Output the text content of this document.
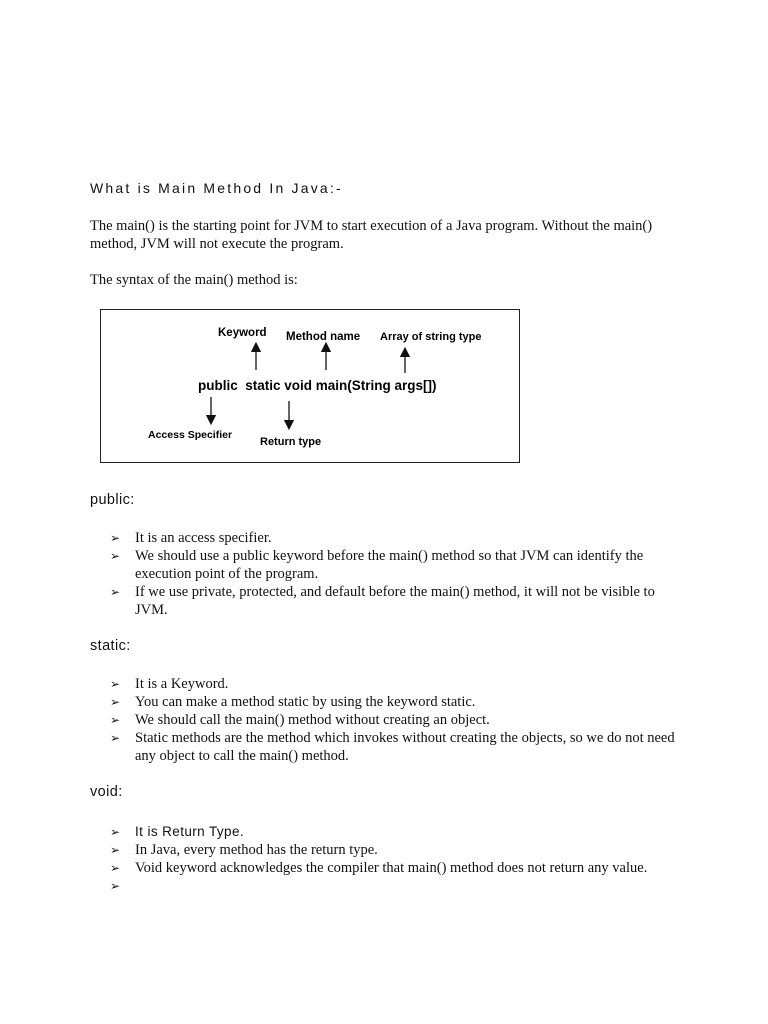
What is Main Method In Java:-
The main() is the starting point for JVM to start execution of a Java program. Without the main() method, JVM will not execute the program.
The syntax of the main() method is:
Keyword Method name Array of string type
public  static void main(String args[])
Access Specifier
Return type
public:
➢ It is an access specifier.
➢ We should use a public keyword before the main() method so that JVM can identify the execution point of the program.
➢ If we use private, protected, and default before the main() method, it will not be visible to JVM.
static:
➢ It is a Keyword.
➢ You can make a method static by using the keyword static.
➢ We should call the main() method without creating an object.
➢ Static methods are the method which invokes without creating the objects, so we do not need any object to call the main() method.
void:
➢ It is Return Type.
➢ In Java, every method has the return type.
➢ Void keyword acknowledges the compiler that main() method does not return any value.
➢
